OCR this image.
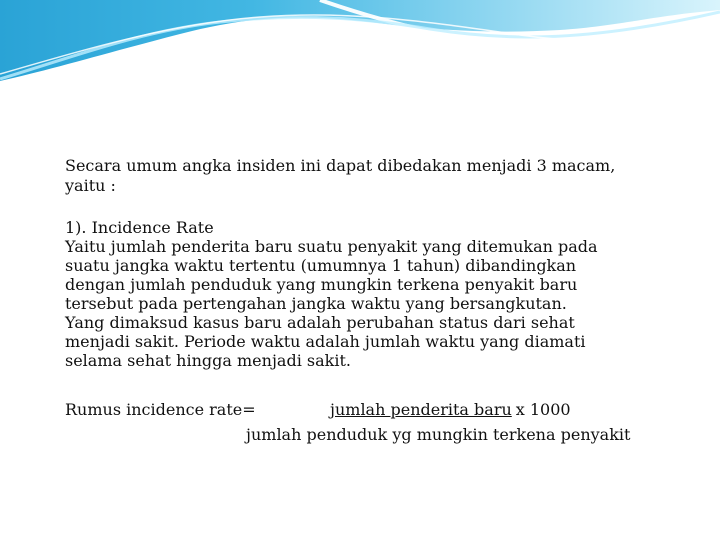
Secara umum angka insiden ini dapat dibedakan menjadi 3 macam,
yaitu :
1). Incidence Rate
Yaitu jumlah penderita baru suatu penyakit yang ditemukan pada
suatu jangka waktu tertentu (umumnya 1 tahun) dibandingkan
dengan jumlah penduduk yang mungkin terkena penyakit baru
tersebut pada pertengahan jangka waktu yang bersangkutan.
Yang dimaksud kasus baru adalah perubahan status dari sehat
menjadi sakit. Periode waktu adalah jumlah waktu yang diamati
selama sehat hingga menjadi sakit.
Rumus incidence rate=	jumlah penderita baru x 1000
jumlah penduduk yg mungkin terkena penyakit
